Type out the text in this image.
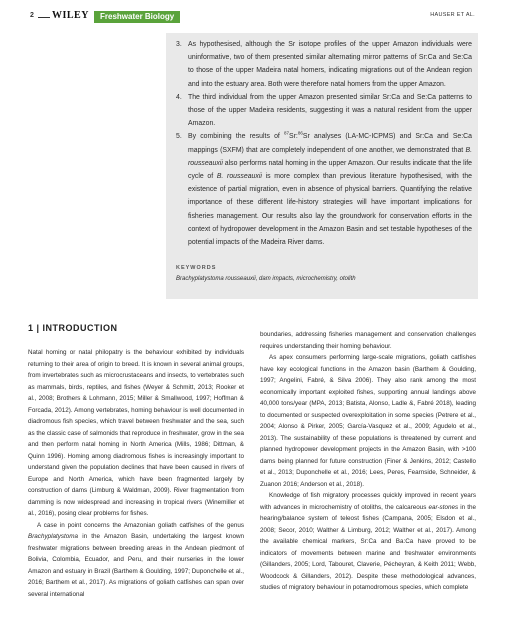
2 WILEY	Freshwater Biology	HAUSER ET AL.
3. As hypothesised, although the Sr isotope profiles of the upper Amazon individuals were uninformative, two of them presented similar alternating mirror patterns of Sr:Ca and Se:Ca to those of the upper Madeira natal homers, indicating migrations out of the Andean region and into the estuary area. Both were therefore natal homers from the upper Amazon.
4. The third individual from the upper Amazon presented similar Sr:Ca and Se:Ca patterns to those of the upper Madeira residents, suggesting it was a natural resident from the upper Amazon.
5. By combining the results of $^{87}$Sr:$^{86}$Sr analyses (LA-MC-ICPMS) and Sr:Ca and Se:Ca mappings (SXFM) that are completely independent of one another, we demonstrated that B. rousseauxii also performs natal homing in the upper Amazon. Our results indicate that the life cycle of B. rousseauxii is more complex than previous literature hypothesised, with the existence of partial migration, even in absence of physical barriers. Quantifying the relative importance of these different life-history strategies will have important implications for fisheries management. Our results also lay the groundwork for conservation efforts in the context of hydropower development in the Amazon Basin and set testable hypotheses of the potential impacts of the Madeira River dams.
KEYWORDS
Brachyplatystoma rousseauxii, dam impacts, microchemistry, otolith
1 | INTRODUCTION

Natal homing or natal philopatry is the behaviour exhibited by individuals returning to their area of origin to breed. It is known in several animal groups, from invertebrates such as microcrustaceans and insects, to vertebrates such as mammals, birds, reptiles, and fishes (Weyer & Schmitt, 2013; Rooker et al., 2008; Brothers & Lohmann, 2015; Miller & Smallwood, 1997; Hoffman & Forcada, 2012). Among vertebrates, homing behaviour is well documented in diadromous fish species, which travel between freshwater and the sea, such as the classic case of salmonids that reproduce in freshwater, grow in the sea and then perform natal homing in North America (Mills, 1986; Dittman, & Quinn 1996). Homing among diadromous fishes is increasingly important to understand given the population declines that have been caused in rivers of Europe and North America, which have been fragmented largely by construction of dams (Limburg & Waldman, 2009). River fragmentation from damming is now widespread and increasing in tropical rivers (Winemiller et al., 2016), posing clear problems for fishes.

A case in point concerns the Amazonian goliath catfishes of the genus Brachyplatystoma in the Amazon Basin, undertaking the largest known freshwater migrations between breeding areas in the Andean piedmont of Bolivia, Colombia, Ecuador, and Peru, and their nurseries in the lower Amazon and estuary in Brazil (Barthem & Goulding, 1997; Duponchelle et al., 2016; Barthem et al., 2017). As migrations of goliath catfishes can span over several international

boundaries, addressing fisheries management and conservation challenges requires understanding their homing behaviour.

As apex consumers performing large-scale migrations, goliath catfishes have key ecological functions in the Amazon basin (Barthem & Goulding, 1997; Angelini, Fabré, & Silva 2006). They also rank among the most economically important exploited fishes, supporting annual landings above 40,000 tons/year (MPA, 2013; Batista, Alonso, Ladle &, Fabré 2018), leading to documented or suspected overexploitation in some species (Petrere et al., 2004; Alonso & Pirker, 2005; García-Vasquez et al., 2009; Agudelo et al., 2013). The sustainability of these populations is threatened by current and planned hydropower development projects in the Amazon Basin, with >100 dams being planned for future construction (Finer & Jenkins, 2012; Castello et al., 2013; Duponchelle et al., 2016; Lees, Peres, Fearnside, Schneider, & Zuanon 2016; Anderson et al., 2018).

Knowledge of fish migratory processes quickly improved in recent years with advances in microchemistry of otoliths, the calcareous ear-stones in the hearing/balance system of teleost fishes (Campana, 2005; Elsdon et al., 2008; Secor, 2010; Walther & Limburg, 2012; Walther et al., 2017). Among the available chemical markers, Sr:Ca and Ba:Ca have proved to be indicators of movements between marine and freshwater environments (Gillanders, 2005; Lord, Tabouret, Claverie, Pécheyran, & Keith 2011; Webb, Woodcock & Gillanders, 2012). Despite these methodological advances, studies of migratory behaviour in potamodromous species, which complete
